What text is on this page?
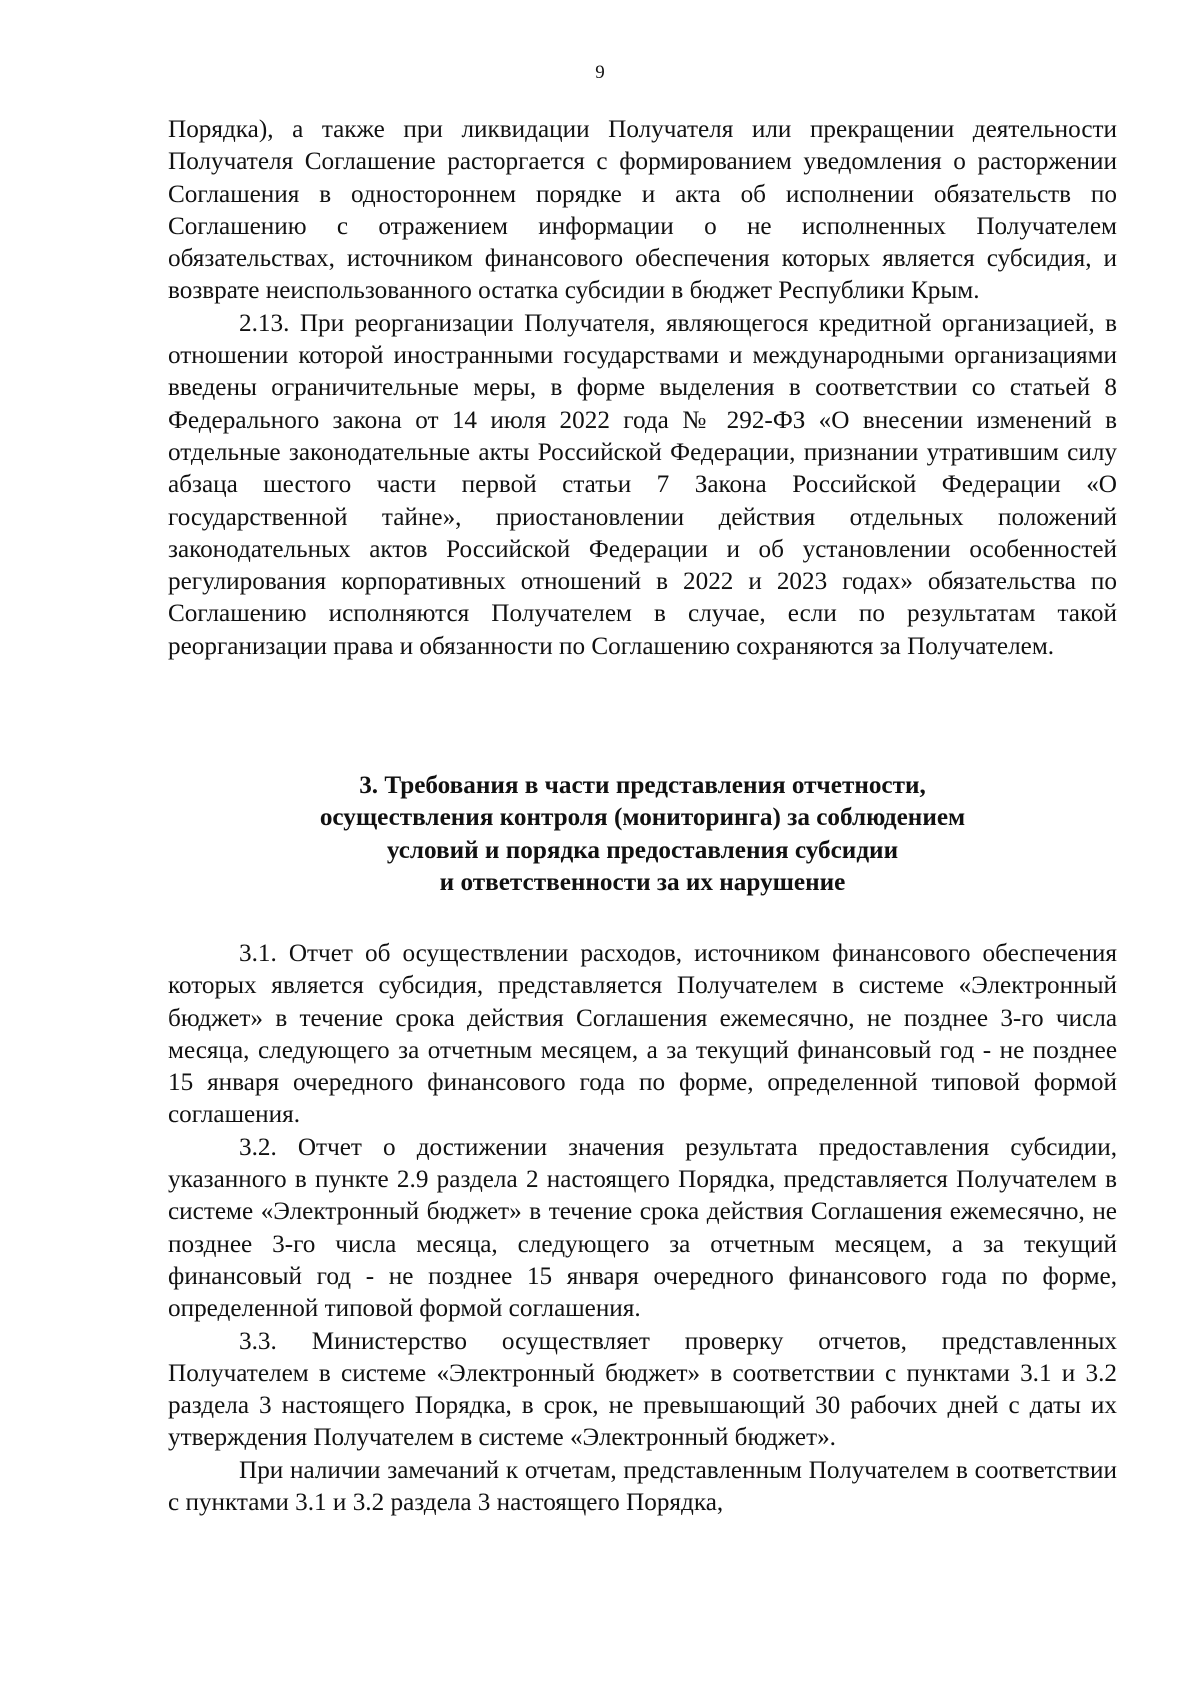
9

Порядка), а также при ликвидации Получателя или прекращении деятельности Получателя Соглашение расторгается с формированием уведомления о расторжении Соглашения в одностороннем порядке и акта об исполнении обязательств по Соглашению с отражением информации о не исполненных Получателем обязательствах, источником финансового обеспечения которых является субсидия, и возврате неиспользованного остатка субсидии в бюджет Республики Крым.

2.13. При реорганизации Получателя, являющегося кредитной организацией, в отношении которой иностранными государствами и международными организациями введены ограничительные меры, в форме выделения в соответствии со статьей 8 Федерального закона от 14 июля 2022 года № 292-ФЗ «О внесении изменений в отдельные законодательные акты Российской Федерации, признании утратившим силу абзаца шестого части первой статьи 7 Закона Российской Федерации «О государственной тайне», приостановлении действия отдельных положений законодательных актов Российской Федерации и об установлении особенностей регулирования корпоративных отношений в 2022 и 2023 годах» обязательства по Соглашению исполняются Получателем в случае, если по результатам такой реорганизации права и обязанности по Соглашению сохраняются за Получателем.

3. Требования в части представления отчетности,
осуществления контроля (мониторинга) за соблюдением
условий и порядка предоставления субсидии
и ответственности за их нарушение

3.1. Отчет об осуществлении расходов, источником финансового обеспечения которых является субсидия, представляется Получателем в системе «Электронный бюджет» в течение срока действия Соглашения ежемесячно, не позднее 3-го числа месяца, следующего за отчетным месяцем, а за текущий финансовый год - не позднее 15 января очередного финансового года по форме, определенной типовой формой соглашения.

3.2. Отчет о достижении значения результата предоставления субсидии, указанного в пункте 2.9 раздела 2 настоящего Порядка, представляется Получателем в системе «Электронный бюджет» в течение срока действия Соглашения ежемесячно, не позднее 3-го числа месяца, следующего за отчетным месяцем, а за текущий финансовый год - не позднее 15 января очередного финансового года по форме, определенной типовой формой соглашения.

3.3. Министерство осуществляет проверку отчетов, представленных Получателем в системе «Электронный бюджет» в соответствии с пунктами 3.1 и 3.2 раздела 3 настоящего Порядка, в срок, не превышающий 30 рабочих дней с даты их утверждения Получателем в системе «Электронный бюджет».

При наличии замечаний к отчетам, представленным Получателем в соответствии с пунктами 3.1 и 3.2 раздела 3 настоящего Порядка,
